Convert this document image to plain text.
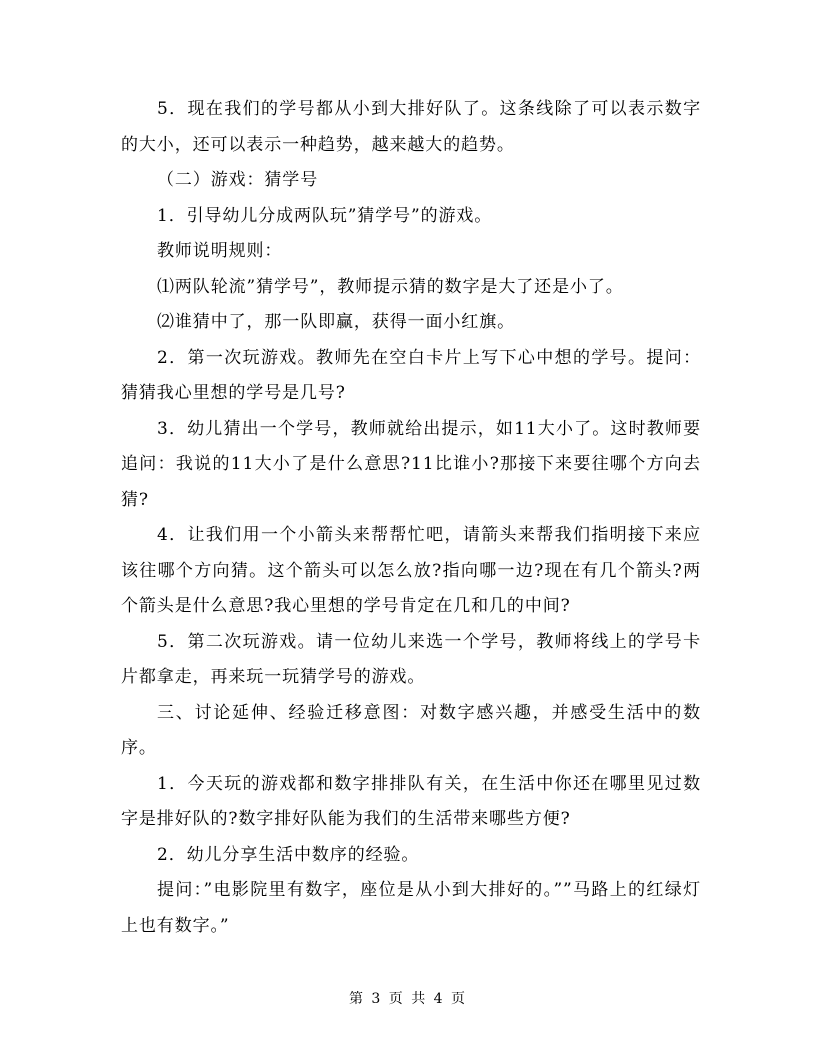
5．现在我们的学号都从小到大排好队了。这条线除了可以表示数字的大小，还可以表示一种趋势，越来越大的趋势。

（二）游戏：猜学号

1．引导幼儿分成两队玩”猜学号”的游戏。

教师说明规则：

⑴两队轮流”猜学号”，教师提示猜的数字是大了还是小了。

⑵谁猜中了，那一队即赢，获得一面小红旗。

2．第一次玩游戏。教师先在空白卡片上写下心中想的学号。提问：猜猜我心里想的学号是几号?

3．幼儿猜出一个学号，教师就给出提示，如11大小了。这时教师要追问：我说的11大小了是什么意思?11比谁小?那接下来要往哪个方向去猜?

4．让我们用一个小箭头来帮帮忙吧，请箭头来帮我们指明接下来应该往哪个方向猜。这个箭头可以怎么放?指向哪一边?现在有几个箭头?两个箭头是什么意思?我心里想的学号肯定在几和几的中间?

5．第二次玩游戏。请一位幼儿来选一个学号，教师将线上的学号卡片都拿走，再来玩一玩猜学号的游戏。

三、讨论延伸、经验迁移意图：对数字感兴趣，并感受生活中的数序。

1．今天玩的游戏都和数字排排队有关，在生活中你还在哪里见过数字是排好队的?数字排好队能为我们的生活带来哪些方便?

2．幼儿分享生活中数序的经验。

提问：”电影院里有数字，座位是从小到大排好的。””马路上的红绿灯上也有数字。”

第 3 页 共 4 页
